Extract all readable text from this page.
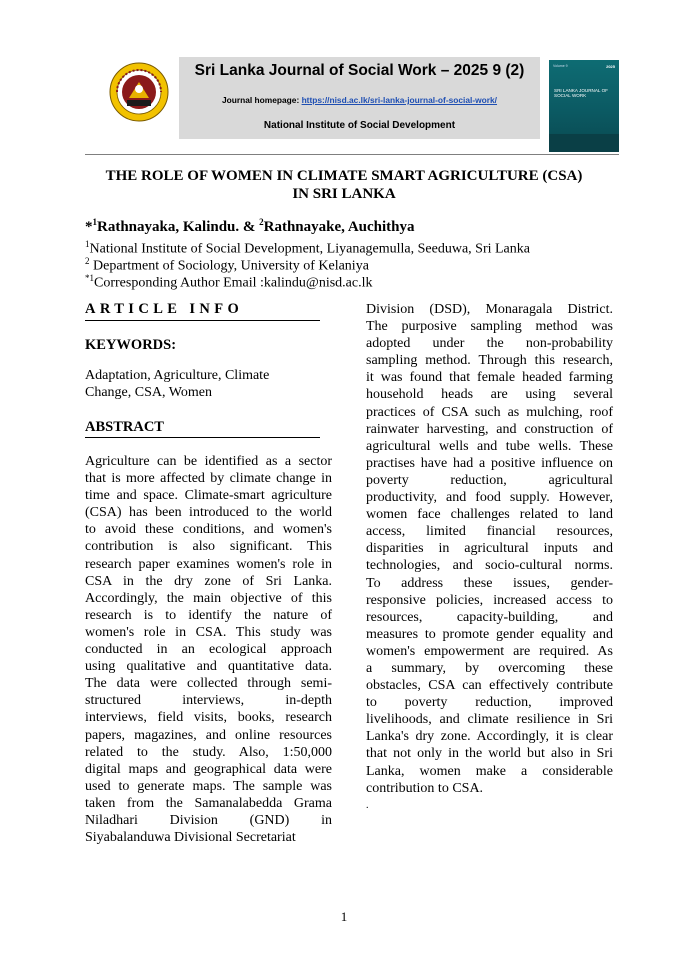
Sri Lanka Journal of Social Work – 2025 9 (2)
Journal homepage: https://nisd.ac.lk/sri-lanka-journal-of-social-work/
National Institute of Social Development
Volume 9	2025
SRI LANKA JOURNAL OF SOCIAL WORK
THE ROLE OF WOMEN IN CLIMATE SMART AGRICULTURE (CSA)
IN SRI LANKA
*$^1$Rathnayaka, Kalindu. & $^2$Rathnayake, Auchithya
$^1$National Institute of Social Development, Liyanagemulla, Seeduwa, Sri Lanka
$^2$ Department of Sociology, University of Kelaniya
$^{*1}$Corresponding Author Email :kalindu@nisd.ac.lk
ARTICLE INFO
KEYWORDS:
Adaptation, Agriculture, Climate
Change, CSA, Women
ABSTRACT
Agriculture can be identified as a sector
that is more affected by climate change in
time and space. Climate-smart agriculture
(CSA) has been introduced to the world
to avoid these conditions, and women's
contribution is also significant. This
research paper examines women's role in
CSA in the dry zone of Sri Lanka.
Accordingly, the main objective of this
research is to identify the nature of
women's role in CSA. This study was
conducted in an ecological approach
using qualitative and quantitative data.
The data were collected through semi-
structured interviews, in-depth
interviews, field visits, books, research
papers, magazines, and online resources
related to the study. Also, 1:50,000
digital maps and geographical data were
used to generate maps. The sample was
taken from the Samanalabedda Grama
Niladhari Division (GND) in
Siyabalanduwa Divisional Secretariat
Division (DSD), Monaragala District.
The purposive sampling method was
adopted under the non-probability
sampling method. Through this research,
it was found that female headed farming
household heads are using several
practices of CSA such as mulching, roof
rainwater harvesting, and construction of
agricultural wells and tube wells. These
practises have had a positive influence on
poverty reduction, agricultural
productivity, and food supply. However,
women face challenges related to land
access, limited financial resources,
disparities in agricultural inputs and
technologies, and socio-cultural norms.
To address these issues, gender-
responsive policies, increased access to
resources, capacity-building, and
measures to promote gender equality and
women's empowerment are required. As
a summary, by overcoming these
obstacles, CSA can effectively contribute
to poverty reduction, improved
livelihoods, and climate resilience in Sri
Lanka's dry zone. Accordingly, it is clear
that not only in the world but also in Sri
Lanka, women make a considerable
contribution to CSA.
.
1
